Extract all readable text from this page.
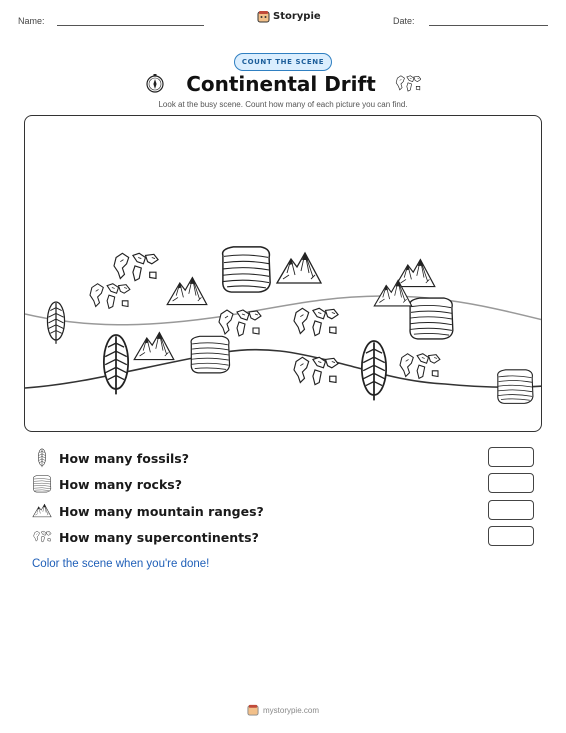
Name:	Storypie	Date:
COUNT THE SCENE
Continental Drift
Look at the busy scene. Count how many of each picture you can find.
How many fossils?
How many rocks?
How many mountain ranges?
How many supercontinents?
Color the scene when you're done!
mystorypie.com
